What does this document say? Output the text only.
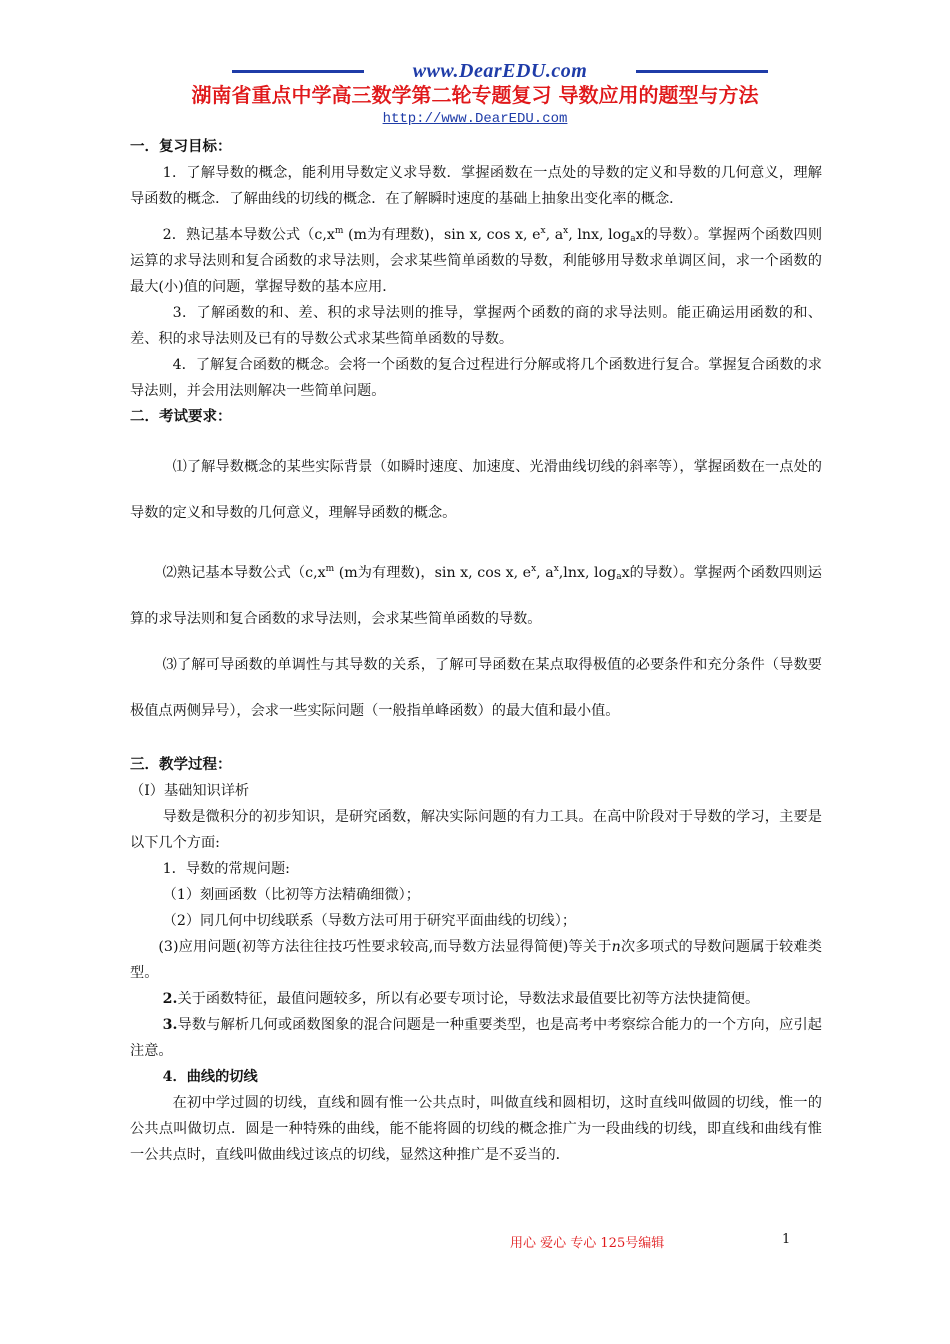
www.DearEDU.com
湖南省重点中学高三数学第二轮专题复习 导数应用的题型与方法
http://www.DearEDU.com
一．复习目标：

1．了解导数的概念，能利用导数定义求导数．掌握函数在一点处的导数的定义和导数的几何意义，理解导函数的概念．了解曲线的切线的概念．在了解瞬时速度的基础上抽象出变化率的概念．

2．熟记基本导数公式（$c,x^m$ (m为有理数)，sin x, cos x, $e^x$, $a^x$, lnx, $\log_ax$的导数）。掌握两个函数四则运算的求导法则和复合函数的求导法则，会求某些简单函数的导数，利能够用导数求单调区间，求一个函数的最大(小)值的问题，掌握导数的基本应用．

3．了解函数的和、差、积的求导法则的推导，掌握两个函数的商的求导法则。能正确运用函数的和、差、积的求导法则及已有的导数公式求某些简单函数的导数。

4．了解复合函数的概念。会将一个函数的复合过程进行分解或将几个函数进行复合。掌握复合函数的求导法则，并会用法则解决一些简单问题。

二．考试要求：

⑴了解导数概念的某些实际背景（如瞬时速度、加速度、光滑曲线切线的斜率等），掌握函数在一点处的导数的定义和导数的几何意义，理解导函数的概念。

⑵熟记基本导数公式（$c,x^m$ (m为有理数)，sin x, cos x, $e^x$, $a^x,\ln x$, $\log_ax$的导数）。掌握两个函数四则运算的求导法则和复合函数的求导法则，会求某些简单函数的导数。

⑶了解可导函数的单调性与其导数的关系，了解可导函数在某点取得极值的必要条件和充分条件（导数要极值点两侧异号），会求一些实际问题（一般指单峰函数）的最大值和最小值。

三．教学过程：

（Ⅰ）基础知识详析

导数是微积分的初步知识，是研究函数，解决实际问题的有力工具。在高中阶段对于导数的学习，主要是以下几个方面:

1．导数的常规问题:

（1）刻画函数（比初等方法精确细微）；

（2）同几何中切线联系（导数方法可用于研究平面曲线的切线）；

(3)应用问题(初等方法往往技巧性要求较高,而导数方法显得简便)等关于n次多项式的导数问题属于较难类型。

2.关于函数特征，最值问题较多，所以有必要专项讨论，导数法求最值要比初等方法快捷简便。

3.导数与解析几何或函数图象的混合问题是一种重要类型，也是高考中考察综合能力的一个方向，应引起注意。

4．曲线的切线

在初中学过圆的切线，直线和圆有惟一公共点时，叫做直线和圆相切，这时直线叫做圆的切线，惟一的公共点叫做切点．圆是一种特殊的曲线，能不能将圆的切线的概念推广为一段曲线的切线，即直线和曲线有惟一公共点时，直线叫做曲线过该点的切线，显然这种推广是不妥当的．

用心 爱心 专心 125号编辑	1
